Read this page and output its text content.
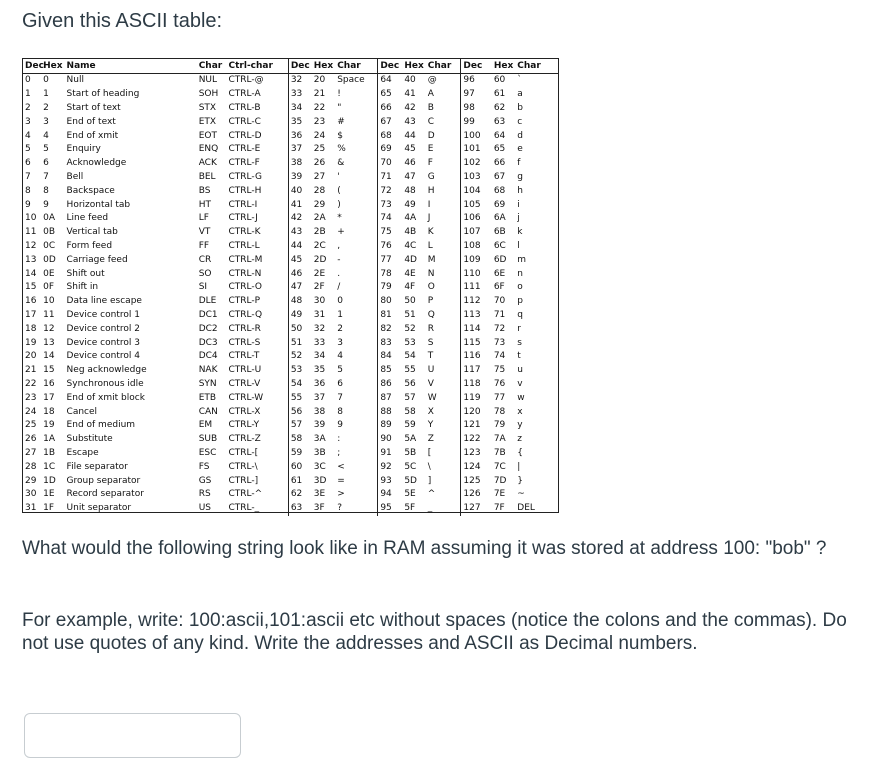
Given this ASCII table:
Dec	Hex	Name	Char	Ctrl-char	Dec	Hex	Char	Dec	Hex	Char	Dec	Hex	Char
0	0	Null	NUL	CTRL-@	32	20	Space	64	40	@	96	60	`
1	1	Start of heading	SOH	CTRL-A	33	21	!	65	41	A	97	61	a
2	2	Start of text	STX	CTRL-B	34	22	"	66	42	B	98	62	b
3	3	End of text	ETX	CTRL-C	35	23	#	67	43	C	99	63	c
4	4	End of xmit	EOT	CTRL-D	36	24	$	68	44	D	100	64	d
5	5	Enquiry	ENQ	CTRL-E	37	25	%	69	45	E	101	65	e
6	6	Acknowledge	ACK	CTRL-F	38	26	&	70	46	F	102	66	f
7	7	Bell	BEL	CTRL-G	39	27	'	71	47	G	103	67	g
8	8	Backspace	BS	CTRL-H	40	28	(	72	48	H	104	68	h
9	9	Horizontal tab	HT	CTRL-I	41	29	)	73	49	I	105	69	i
10	0A	Line feed	LF	CTRL-J	42	2A	*	74	4A	J	106	6A	j
11	0B	Vertical tab	VT	CTRL-K	43	2B	+	75	4B	K	107	6B	k
12	0C	Form feed	FF	CTRL-L	44	2C	,	76	4C	L	108	6C	l
13	0D	Carriage feed	CR	CTRL-M	45	2D	-	77	4D	M	109	6D	m
14	0E	Shift out	SO	CTRL-N	46	2E	.	78	4E	N	110	6E	n
15	0F	Shift in	SI	CTRL-O	47	2F	/	79	4F	O	111	6F	o
16	10	Data line escape	DLE	CTRL-P	48	30	0	80	50	P	112	70	p
17	11	Device control 1	DC1	CTRL-Q	49	31	1	81	51	Q	113	71	q
18	12	Device control 2	DC2	CTRL-R	50	32	2	82	52	R	114	72	r
19	13	Device control 3	DC3	CTRL-S	51	33	3	83	53	S	115	73	s
20	14	Device control 4	DC4	CTRL-T	52	34	4	84	54	T	116	74	t
21	15	Neg acknowledge	NAK	CTRL-U	53	35	5	85	55	U	117	75	u
22	16	Synchronous idle	SYN	CTRL-V	54	36	6	86	56	V	118	76	v
23	17	End of xmit block	ETB	CTRL-W	55	37	7	87	57	W	119	77	w
24	18	Cancel	CAN	CTRL-X	56	38	8	88	58	X	120	78	x
25	19	End of medium	EM	CTRL-Y	57	39	9	89	59	Y	121	79	y
26	1A	Substitute	SUB	CTRL-Z	58	3A	:	90	5A	Z	122	7A	z
27	1B	Escape	ESC	CTRL-[	59	3B	;	91	5B	[	123	7B	{
28	1C	File separator	FS	CTRL-\	60	3C	<	92	5C	\	124	7C	|
29	1D	Group separator	GS	CTRL-]	61	3D	=	93	5D	]	125	7D	}
30	1E	Record separator	RS	CTRL-^	62	3E	>	94	5E	^	126	7E	~
31	1F	Unit separator	US	CTRL-_	63	3F	?	95	5F	_	127	7F	DEL
What would the following string look like in RAM assuming it was stored at address 100: "bob" ?
For example, write: 100:ascii,101:ascii etc without spaces (notice the colons and the commas). Do not use quotes of any kind. Write the addresses and ASCII as Decimal numbers.
